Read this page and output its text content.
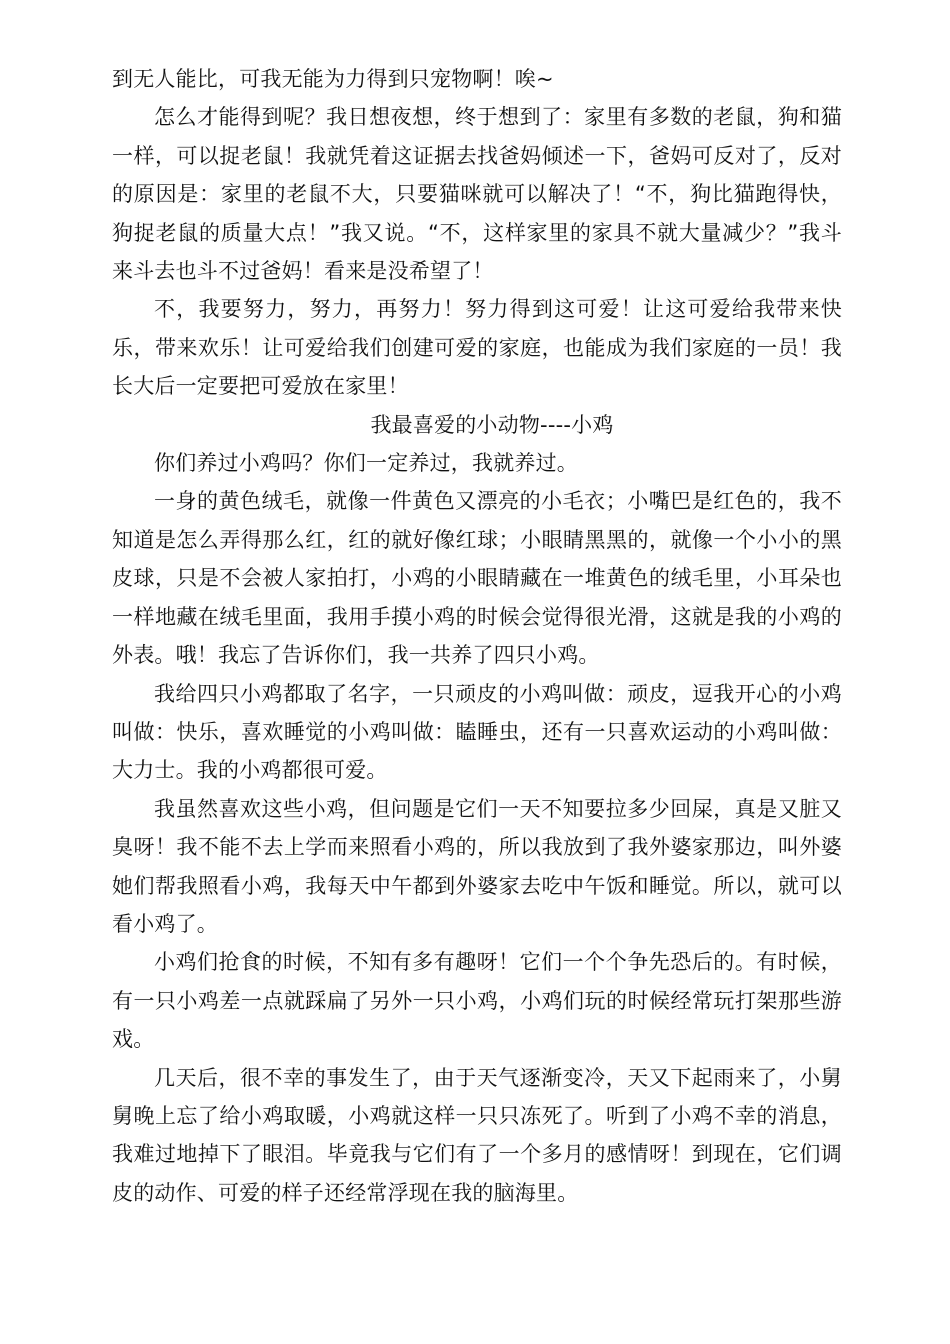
到无人能比，可我无能为力得到只宠物啊！唉~

怎么才能得到呢？我日想夜想，终于想到了：家里有多数的老鼠，狗和猫一样，可以捉老鼠！我就凭着这证据去找爸妈倾述一下，爸妈可反对了，反对的原因是：家里的老鼠不大，只要猫咪就可以解决了！“不，狗比猫跑得快，狗捉老鼠的质量大点！”我又说。“不，这样家里的家具不就大量减少？”我斗来斗去也斗不过爸妈！看来是没希望了！

不，我要努力，努力，再努力！努力得到这可爱！让这可爱给我带来快乐，带来欢乐！让可爱给我们创建可爱的家庭，也能成为我们家庭的一员！我长大后一定要把可爱放在家里！

我最喜爱的小动物----小鸡

你们养过小鸡吗？你们一定养过，我就养过。

一身的黄色绒毛，就像一件黄色又漂亮的小毛衣；小嘴巴是红色的，我不知道是怎么弄得那么红，红的就好像红球；小眼睛黑黑的，就像一个小小的黑皮球，只是不会被人家拍打，小鸡的小眼睛藏在一堆黄色的绒毛里，小耳朵也一样地藏在绒毛里面，我用手摸小鸡的时候会觉得很光滑，这就是我的小鸡的外表。哦！我忘了告诉你们，我一共养了四只小鸡。

我给四只小鸡都取了名字，一只顽皮的小鸡叫做：顽皮，逗我开心的小鸡叫做：快乐，喜欢睡觉的小鸡叫做：瞌睡虫，还有一只喜欢运动的小鸡叫做：大力士。我的小鸡都很可爱。

我虽然喜欢这些小鸡，但问题是它们一天不知要拉多少回屎，真是又脏又臭呀！我不能不去上学而来照看小鸡的，所以我放到了我外婆家那边，叫外婆她们帮我照看小鸡，我每天中午都到外婆家去吃中午饭和睡觉。所以，就可以看小鸡了。

小鸡们抢食的时候，不知有多有趣呀！它们一个个争先恐后的。有时候，有一只小鸡差一点就踩扁了另外一只小鸡，小鸡们玩的时候经常玩打架那些游戏。

几天后，很不幸的事发生了，由于天气逐渐变冷，天又下起雨来了，小舅舅晚上忘了给小鸡取暖，小鸡就这样一只只冻死了。听到了小鸡不幸的消息，我难过地掉下了眼泪。毕竟我与它们有了一个多月的感情呀！到现在，它们调皮的动作、可爱的样子还经常浮现在我的脑海里。
